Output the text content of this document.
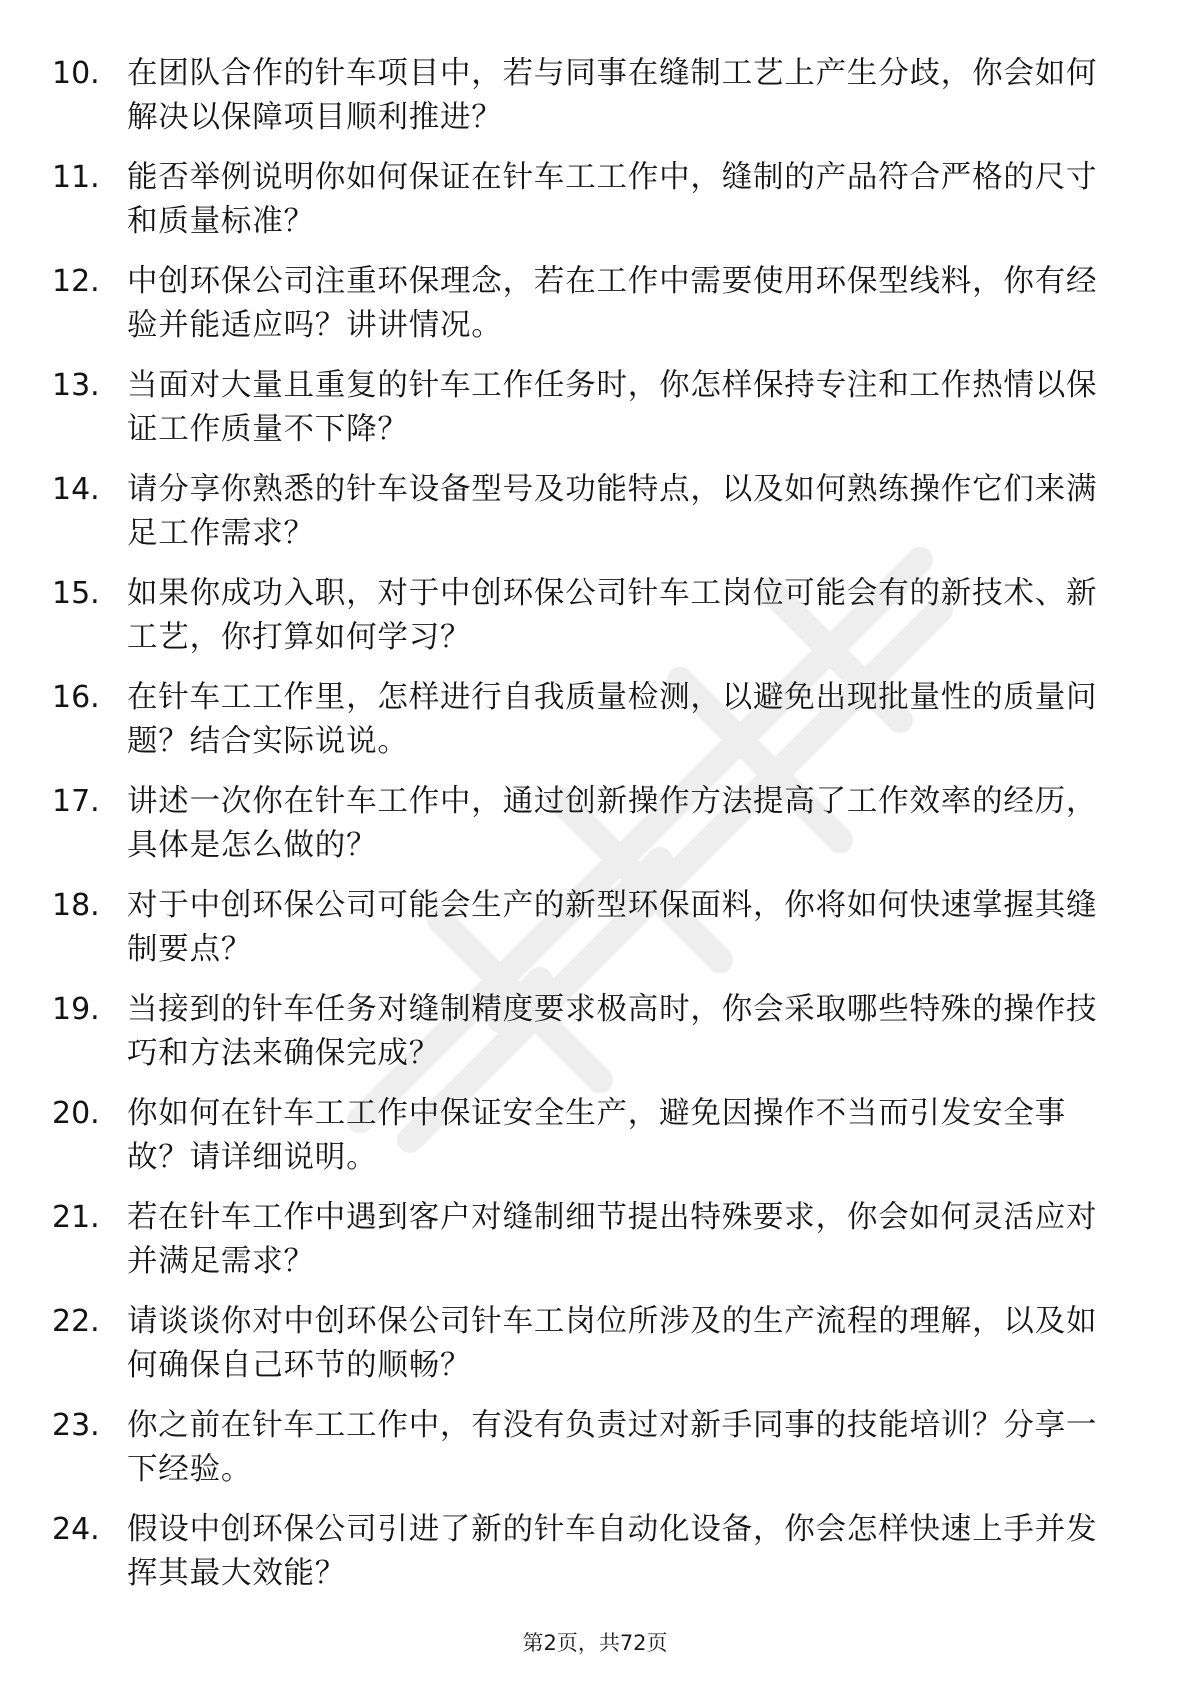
10. 在团队合作的针车项目中，若与同事在缝制工艺上产生分歧，你会如何解决以保障项目顺利推进？
11. 能否举例说明你如何保证在针车工工作中，缝制的产品符合严格的尺寸和质量标准？
12. 中创环保公司注重环保理念，若在工作中需要使用环保型线料，你有经验并能适应吗？讲讲情况。
13. 当面对大量且重复的针车工作任务时，你怎样保持专注和工作热情以保证工作质量不下降？
14. 请分享你熟悉的针车设备型号及功能特点，以及如何熟练操作它们来满足工作需求？
15. 如果你成功入职，对于中创环保公司针车工岗位可能会有的新技术、新工艺，你打算如何学习？
16. 在针车工工作里，怎样进行自我质量检测，以避免出现批量性的质量问题？结合实际说说。
17. 讲述一次你在针车工作中，通过创新操作方法提高了工作效率的经历，具体是怎么做的？
18. 对于中创环保公司可能会生产的新型环保面料，你将如何快速掌握其缝制要点？
19. 当接到的针车任务对缝制精度要求极高时，你会采取哪些特殊的操作技巧和方法来确保完成？
20. 你如何在针车工工作中保证安全生产，避免因操作不当而引发安全事故？请详细说明。
21. 若在针车工作中遇到客户对缝制细节提出特殊要求，你会如何灵活应对并满足需求？
22. 请谈谈你对中创环保公司针车工岗位所涉及的生产流程的理解，以及如何确保自己环节的顺畅？
23. 你之前在针车工工作中，有没有负责过对新手同事的技能培训？分享一下经验。
24. 假设中创环保公司引进了新的针车自动化设备，你会怎样快速上手并发挥其最大效能？
第2页，共72页
